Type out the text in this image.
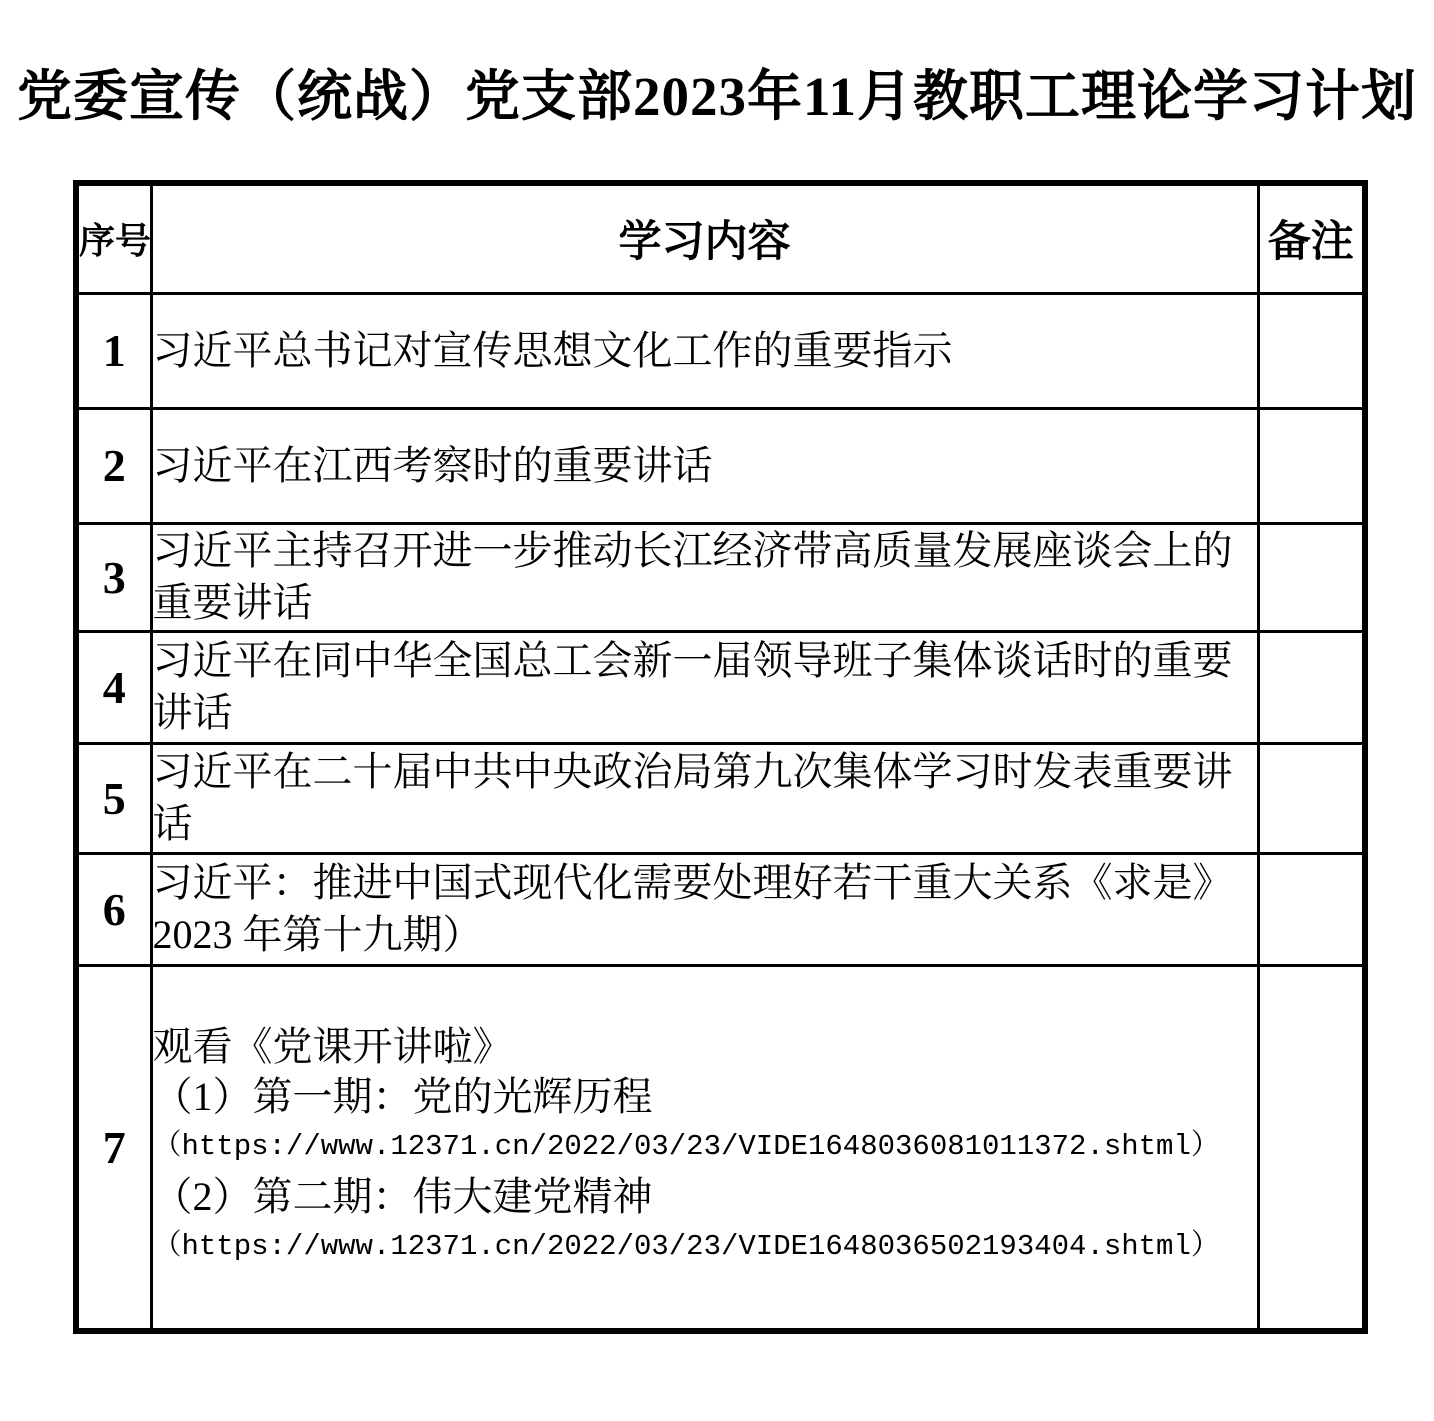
党委宣传（统战）党支部2023年11月教职工理论学习计划
序号	学习内容	备注
1	习近平总书记对宣传思想文化工作的重要指示	
2	习近平在江西考察时的重要讲话	
3	习近平主持召开进一步推动长江经济带高质量发展座谈会上的重要讲话	
4	习近平在同中华全国总工会新一届领导班子集体谈话时的重要讲话	
5	习近平在二十届中共中央政治局第九次集体学习时发表重要讲话	
6	习近平：推进中国式现代化需要处理好若干重大关系《求是》2023 年第十九期）	
7	观看《党课开讲啦》
（1）第一期：党的光辉历程
（https://www.12371.cn/2022/03/23/VIDE1648036081011372.shtml）
（2）第二期：伟大建党精神
（https://www.12371.cn/2022/03/23/VIDE1648036502193404.shtml）	
